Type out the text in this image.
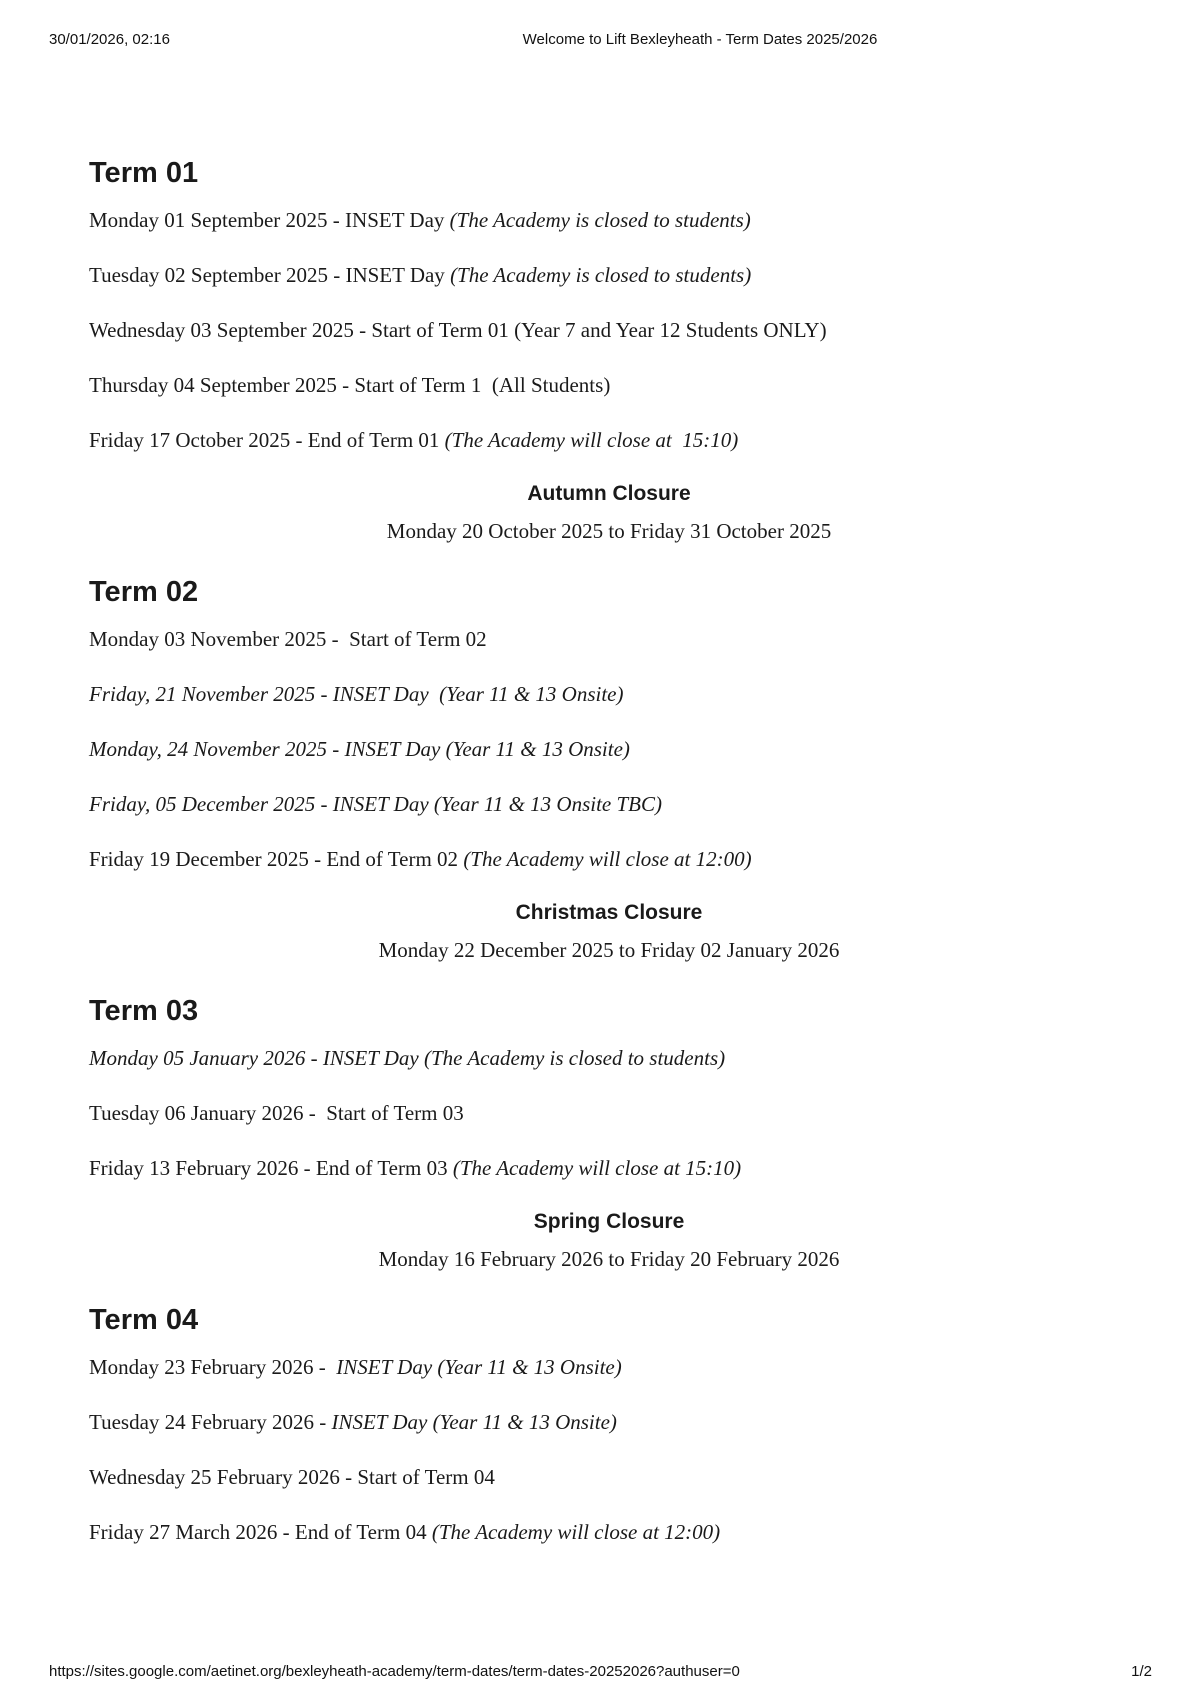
30/01/2026, 02:16	Welcome to Lift Bexleyheath - Term Dates 2025/2026
Term 01

Monday 01 September 2025 - INSET Day (The Academy is closed to students)

Tuesday 02 September 2025 - INSET Day (The Academy is closed to students)

Wednesday 03 September 2025 - Start of Term 01 (Year 7 and Year 12 Students ONLY)

Thursday 04 September 2025 - Start of Term 1  (All Students)

Friday 17 October 2025 - End of Term 01 (The Academy will close at  15:10)

Autumn Closure
Monday 20 October 2025 to Friday 31 October 2025
Term 02

Monday 03 November 2025 -  Start of Term 02

Friday, 21 November 2025 - INSET Day  (Year 11 & 13 Onsite)

Monday, 24 November 2025 - INSET Day (Year 11 & 13 Onsite)

Friday, 05 December 2025 - INSET Day (Year 11 & 13 Onsite TBC)

Friday 19 December 2025 - End of Term 02 (The Academy will close at 12:00)

Christmas Closure
Monday 22 December 2025 to Friday 02 January 2026
Term 03

Monday 05 January 2026 - INSET Day (The Academy is closed to students)

Tuesday 06 January 2026 -  Start of Term 03

Friday 13 February 2026 - End of Term 03 (The Academy will close at 15:10)

Spring Closure
Monday 16 February 2026 to Friday 20 February 2026
Term 04

Monday 23 February 2026 -  INSET Day (Year 11 & 13 Onsite)

Tuesday 24 February 2026 - INSET Day (Year 11 & 13 Onsite)

Wednesday 25 February 2026 - Start of Term 04

Friday 27 March 2026 - End of Term 04 (The Academy will close at 12:00)

https://sites.google.com/aetinet.org/bexleyheath-academy/term-dates/term-dates-20252026?authuser=0	1/2
